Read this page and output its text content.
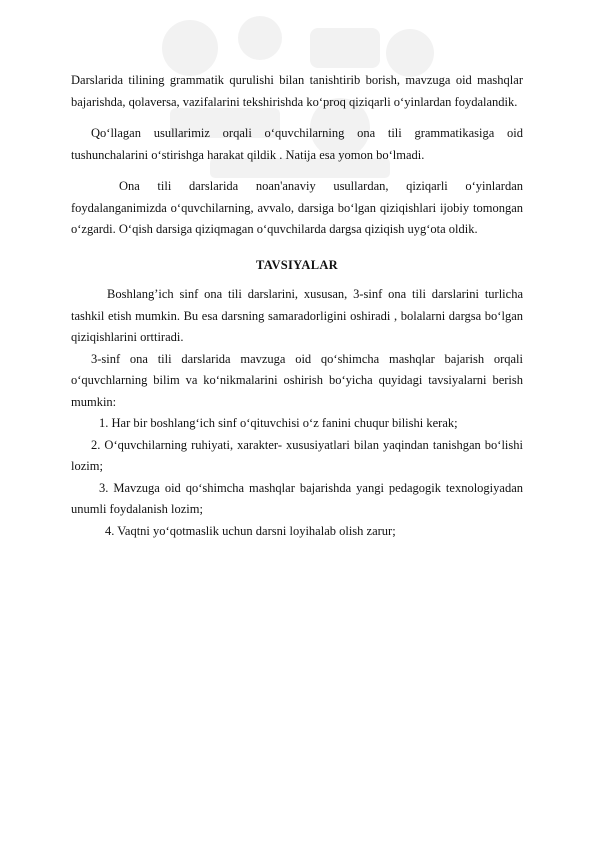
Darslarida tilining grammatik qurulishi bilan tanishtirib borish, mavzuga oid mashqlar bajarishda, qolaversa, vazifalarini tekshirishda ko‘proq qiziqarli o‘yinlardan foydalandik.

Qo‘llagan usullarimiz orqali o‘quvchilarning ona tili grammatikasiga oid tushunchalarini o‘stirishga harakat qildik . Natija esa yomon bo‘lmadi.

Ona tili darslarida noan'anaviy usullardan, qiziqarli o‘yinlardan foydalanganimizda o‘quvchilarning, avvalo, darsiga bo‘lgan qiziqishlari ijobiy tomongan o‘zgardi. O‘qish darsiga qiziqmagan o‘quvchilarda dargsa qiziqish uyg‘ota oldik.

TAVSIYALAR

Boshlang’ich sinf ona tili darslarini, xususan, 3-sinf ona tili darslarini turlicha tashkil etish mumkin. Bu esa darsning samaradorligini oshiradi , bolalarni dargsa bo‘lgan qiziqishlarini orttiradi.

3-sinf ona tili darslarida mavzuga oid qo‘shimcha mashqlar bajarish orqali o‘quvchlarning bilim va ko‘nikmalarini oshirish bo‘yicha quyidagi tavsiyalarni berish mumkin:

1. Har bir boshlang‘ich sinf o‘qituvchisi o‘z fanini chuqur bilishi kerak;

2. O‘quvchilarning ruhiyati, xarakter- xususiyatlari bilan yaqindan tanishgan bo‘lishi lozim;

3. Mavzuga oid qo‘shimcha mashqlar bajarishda yangi pedagogik texnologiyadan unumli foydalanish lozim;

4. Vaqtni yo‘qotmaslik uchun darsni loyihalab olish zarur;
